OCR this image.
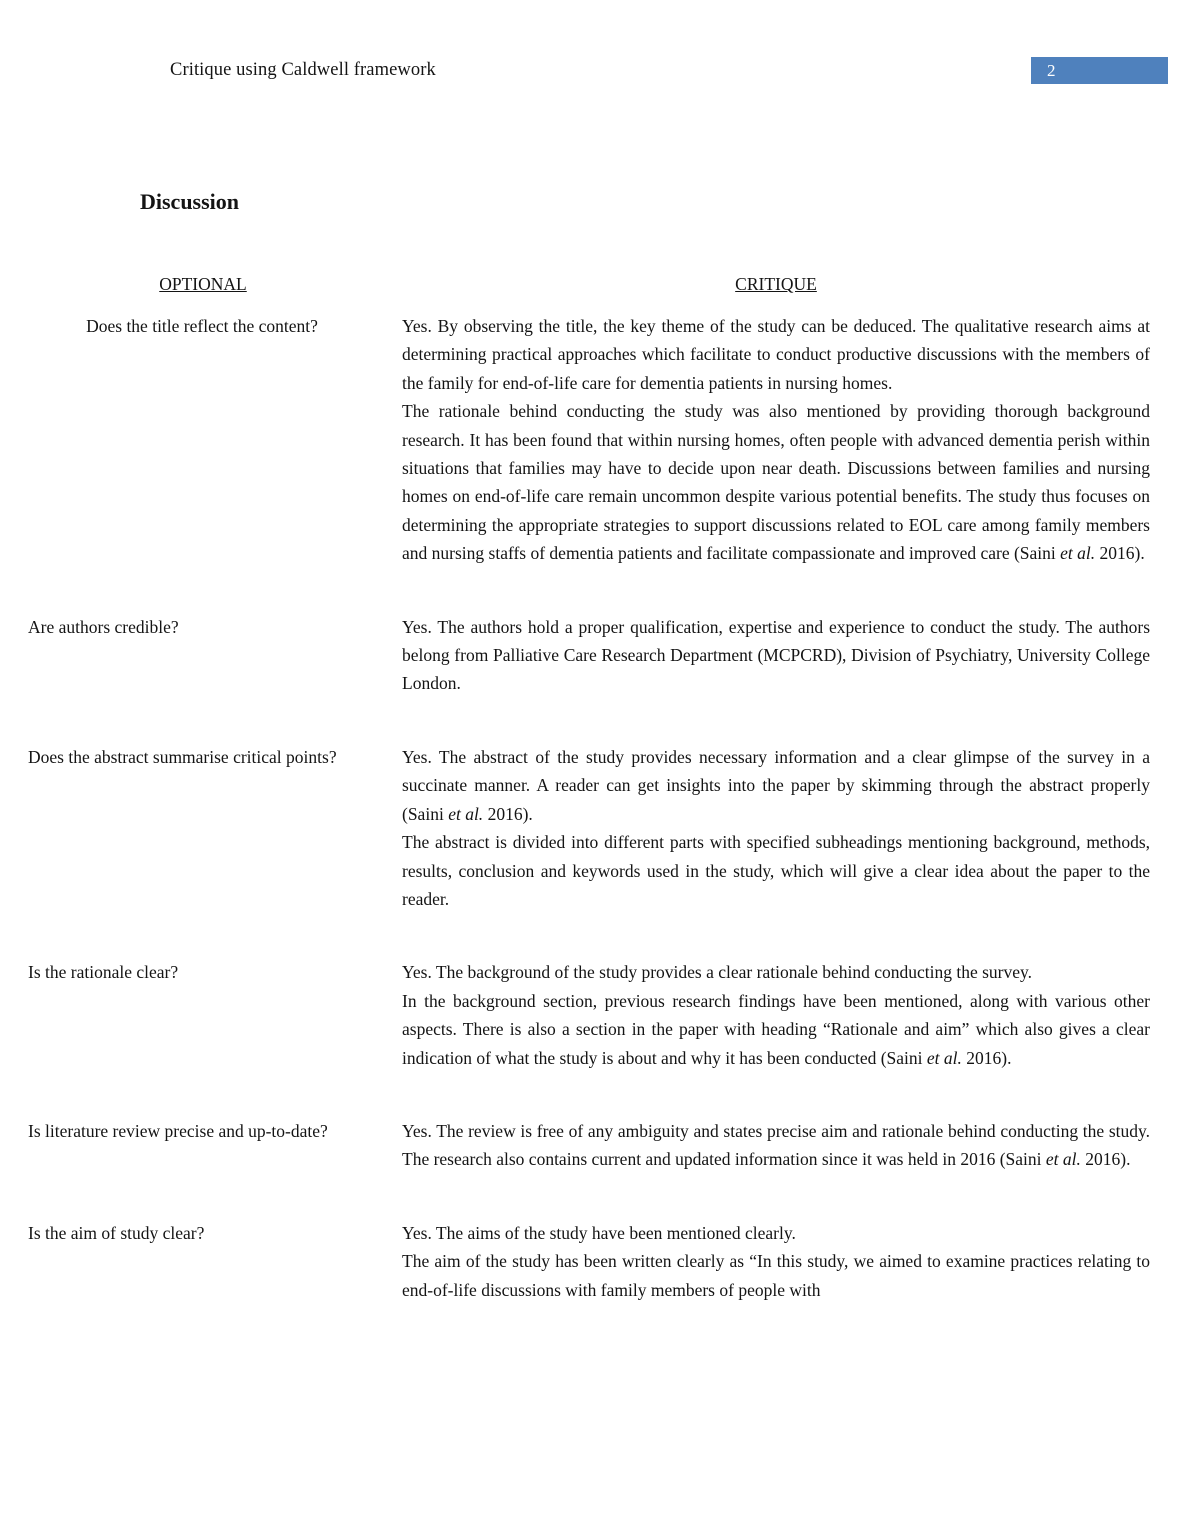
Critique using Caldwell framework	2
Discussion
OPTIONAL	CRITIQUE
Does the title reflect the content?	Yes. By observing the title, the key theme of the study can be deduced. The qualitative research aims at determining practical approaches which facilitate to conduct productive discussions with the members of the family for end-of-life care for dementia patients in nursing homes.

The rationale behind conducting the study was also mentioned by providing thorough background research. It has been found that within nursing homes, often people with advanced dementia perish within situations that families may have to decide upon near death. Discussions between families and nursing homes on end-of-life care remain uncommon despite various potential benefits. The study thus focuses on determining the appropriate strategies to support discussions related to EOL care among family members and nursing staffs of dementia patients and facilitate compassionate and improved care (Saini et al. 2016).

Are authors credible?	Yes. The authors hold a proper qualification, expertise and experience to conduct the study. The authors belong from Palliative Care Research Department (MCPCRD), Division of Psychiatry, University College London.

Does the abstract summarise critical points?	Yes. The abstract of the study provides necessary information and a clear glimpse of the survey in a succinate manner. A reader can get insights into the paper by skimming through the abstract properly (Saini et al. 2016).

The abstract is divided into different parts with specified subheadings mentioning background, methods, results, conclusion and keywords used in the study, which will give a clear idea about the paper to the reader.

Is the rationale clear?	Yes. The background of the study provides a clear rationale behind conducting the survey.

In the background section, previous research findings have been mentioned, along with various other aspects. There is also a section in the paper with heading “Rationale and aim” which also gives a clear indication of what the study is about and why it has been conducted (Saini et al. 2016).

Is literature review precise and up-to-date?	Yes. The review is free of any ambiguity and states precise aim and rationale behind conducting the study. The research also contains current and updated information since it was held in 2016 (Saini et al. 2016).

Is the aim of study clear?	Yes. The aims of the study have been mentioned clearly.

The aim of the study has been written clearly as “In this study, we aimed to examine practices relating to end-of-life discussions with family members of people with
